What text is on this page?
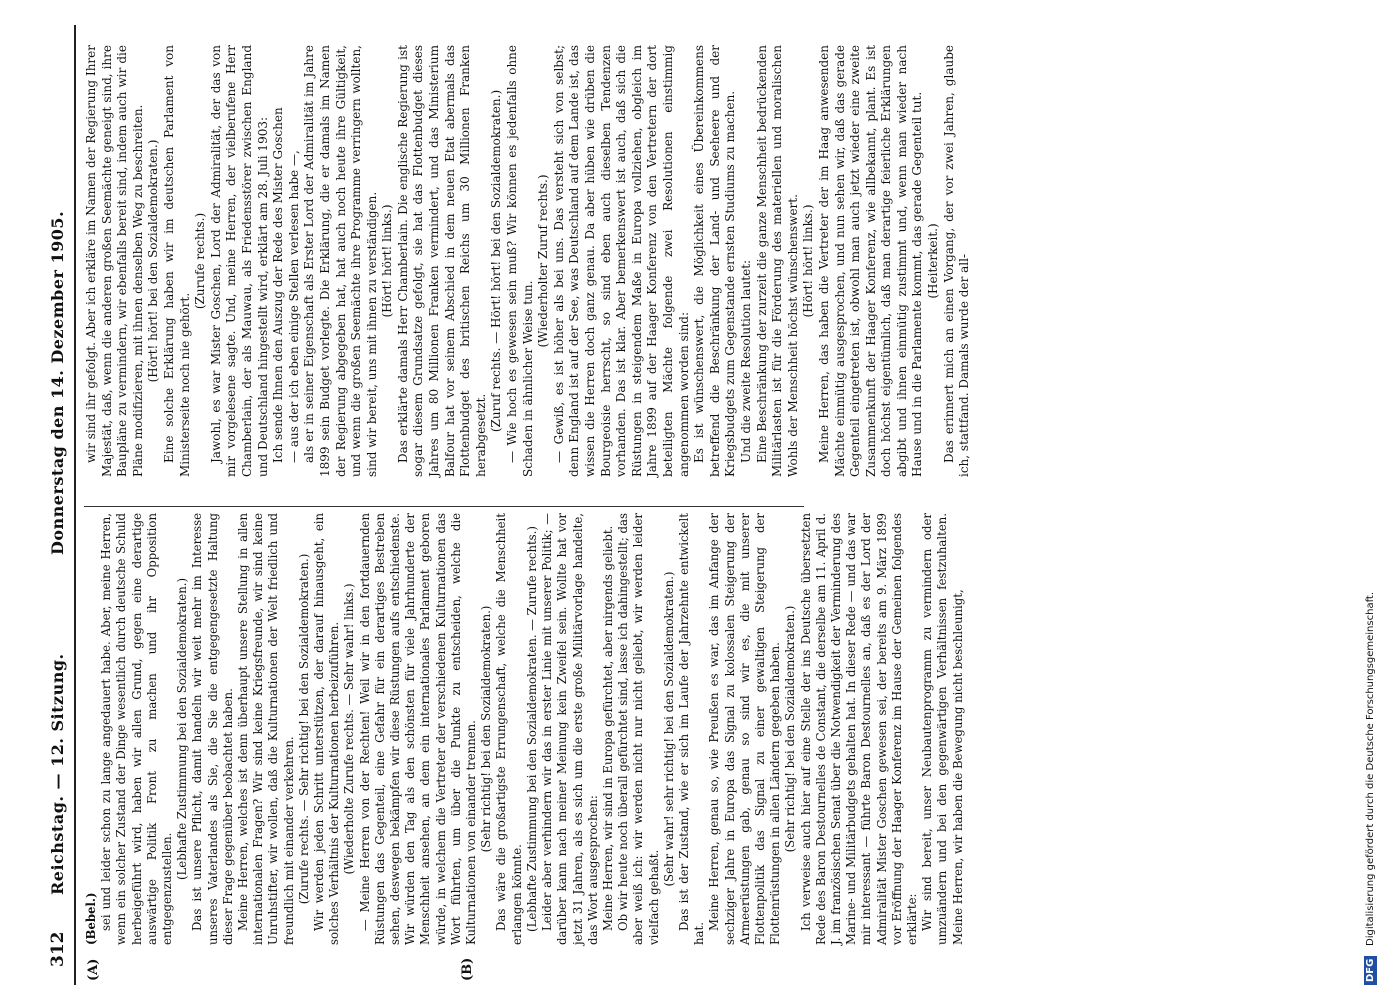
312
Reichstag. — 12. Sitzung.
Donnerstag den 14. Dezember 1905.
(A)	(B)

(Bebel.) sei und leider schon zu lange angedauert habe. Aber, meine Herren, wenn ein solcher Zustand der Dinge wesentlich durch deutsche Schuld herbeigeführt wird, haben wir allen Grund, gegen eine derartige auswärtige Politik Front zu machen und ihr Opposition entgegenzustellen.

(Lebhafte Zustimmung bei den Sozialdemokraten.) Das ist unsere Pflicht, damit handeln wir weit mehr im Interesse unseres Vaterlandes als Sie, die Sie die entgegengesetzte Haltung dieser Frage gegenüber beobachtet haben. Meine Herren, welches ist denn überhaupt unsere Stellung in allen internationalen Fragen? Wir sind keine Kriegsfreunde, wir sind keine Unruhstifter, wir wollen, daß die Kulturnationen der Welt friedlich und freundlich mit einander verkehren. (Zurufe rechts. — Sehr richtig! bei den Sozialdemokraten.) Wir werden jeden Schritt unterstützen, der darauf hinausgeht, ein solches Verhältnis der Kulturnationen herbeizuführen. (Wiederholte Zurufe rechts. — Sehr wahr! links.) — Meine Herren von der Rechten! Weil wir in den fortdauernden Rüstungen das Gegenteil, eine Gefahr für ein derartiges Bestreben sehen, deswegen bekämpfen wir diese Rüstungen aufs entschiedenste. Wir würden den Tag als den schönsten für viele Jahrhunderte der Menschheit ansehen, an dem ein internationales Parlament geboren würde, in welchem die Vertreter der verschiedenen Kulturnationen das Wort führten, um über die Punkte zu entscheiden, welche die Kulturnationen von einander trennen. (Sehr richtig! bei den Sozialdemokraten.) Das wäre die großartigste Errungenschaft, welche die Menschheit erlangen könnte. (Lebhafte Zustimmung bei den Sozialdemokraten. — Zurufe rechts.) Leider aber verhindern wir das in erster Linie mit unserer Politik; — darüber kann nach meiner Meinung kein Zweifel sein. Wollte hat vor jetzt 31 Jahren, als es sich um die erste große Militärvorlage handelte, das Wort ausgesprochen: Meine Herren, wir sind in Europa gefürchtet, aber nirgends geliebt. Ob wir heute noch überall gefürchtet sind, lasse ich dahingestellt; das aber weiß ich: wir werden nicht nur nicht geliebt, wir werden leider vielfach gehaßt.

(Sehr wahr! sehr richtig! bei den Sozialdemokraten.) Das ist der Zustand, wie er sich im Laufe der Jahrzehnte entwickelt hat.

Meine Herren, genau so, wie Preußen es war, das im Anfange der sechziger Jahre in Europa das Signal zu kolossalen Steigerung der Armeerüstungen gab, genau so sind wir es, die mit unserer Flottenpolitik das Signal zu einer gewaltigen Steigerung der Flottenrüstungen in allen Ländern gegeben haben. (Sehr richtig! bei den Sozialdemokraten.) Ich verweise auch hier auf eine Stelle der ins Deutsche übersetzten Rede des Baron Destournelles de Constant, die derselbe am 11. April d. J. im französischen Senat über die Notwendigkeit der Verminderung des Marine- und Militärbudgets gehalten hat. In dieser Rede — und das war mir interessant — führte Baron Destournelles an, daß es der Lord der Admiralität Mister Goschen gewesen sei, der bereits am 9. März 1899 vor Eröffnung der Haager Konferenz im Hause der Gemeinen folgendes erklärte: Wir sind bereit, unser Neubautenprogramm zu vermindern oder umzuändern und bei den gegenwärtigen Verhältnissen festzuhalten. Meine Herren, wir haben die Bewegung nicht beschleunigt,

wir sind ihr gefolgt. Aber ich erkläre im Namen der Regierung Ihrer Majestät, daß, wenn die anderen großen Seemächte geneigt sind, ihre Baupläne zu vermindern, wir ebenfalls bereit sind, indem auch wir die Pläne modifizieren, mit ihnen denselben Weg zu beschreiten. (Hört! hört! bei den Sozialdemokraten.) Eine solche Erklärung haben wir im deutschen Parlament von Ministerseite noch nie gehört.

(Zurufe rechts.) Jawohl, es war Mister Goschen, Lord der Admiralität, der das von mir vorgelesene sagte. Und, meine Herren, der vielberufene Herr Chamberlain, der als Mauwau, als Friedensstörer zwischen England und Deutschland hingestellt wird, erklärt am 28. Juli 1903: Ich sende Ihnen den Auszug der Rede des Mister Goschen — aus der ich eben einige Stellen verlesen habe —, als er in seiner Eigenschaft als Erster Lord der Admiralität im Jahre 1899 sein Budget vorlegte. Die Erklärung, die er damals im Namen der Regierung abgegeben hat, hat auch noch heute ihre Gültigkeit, und wenn die großen Seemächte ihre Programme verringern wollten, sind wir bereit, uns mit ihnen zu verständigen. (Hört! hört! links.) Das erklärte damals Herr Chamberlain. Die englische Regierung ist sogar diesem Grundsatze gefolgt, sie hat das Flottenbudget dieses Jahres um 80 Millionen Franken vermindert, und das Ministerium Balfour hat vor seinem Abschied in dem neuen Etat abermals das Flottenbudget des britischen Reichs um 30 Millionen Franken herabgesetzt.

(Zuruf rechts. — Hört! hört! bei den Sozialdemokraten.) — Wie hoch es gewesen sein muß? Wir können es jedenfalls ohne Schaden in ähnlicher Weise tun.

(Wiederholter Zuruf rechts.) — Gewiß, es ist höher als bei uns. Das versteht sich von selbst; denn England ist auf der See, was Deutschland auf dem Lande ist, das wissen die Herren doch ganz genau. Da aber hüben wie drüben die Bourgeoisie herrscht, so sind eben auch dieselben Tendenzen vorhanden. Das ist klar. Aber bemerkenswert ist auch, daß sich die Rüstungen in steigendem Maße in Europa vollziehen, obgleich im Jahre 1899 auf der Haager Konferenz von den Vertretern der dort beteiligten Mächte folgende zwei Resolutionen einstimmig angenommen worden sind: Es ist wünschenswert, die Möglichkeit eines Übereinkommens betreffend die Beschränkung der Land- und Seeheere und der Kriegsbudgets zum Gegenstande ernsten Studiums zu machen. Und die zweite Resolution lautet: Eine Beschränkung der zurzeit die ganze Menschheit bedrückenden Militärlasten ist für die Förderung des materiellen und moralischen Wohls der Menschheit höchst wünschenswert. (Hört! hört! links.) Meine Herren, das haben die Vertreter der im Haag anwesenden Mächte einmütig ausgesprochen, und nun sehen wir, daß das gerade Gegenteil eingetreten ist, obwohl man auch jetzt wieder eine zweite Zusammenkunft der Haager Konferenz, wie allbekannt, plant. Es ist doch höchst eigentümlich, daß man derartige feierliche Erklärungen abgibt und ihnen einmütig zustimmt und, wenn man wieder nach Hause und in die Parlamente kommt, das gerade Gegenteil tut. (Heiterkeit.) Das erinnert mich an einen Vorgang, der vor zwei Jahren, glaube ich, stattfand. Damals wurde der all-

DFG
Digitalisierung gefördert durch die Deutsche Forschungsgemeinschaft.
